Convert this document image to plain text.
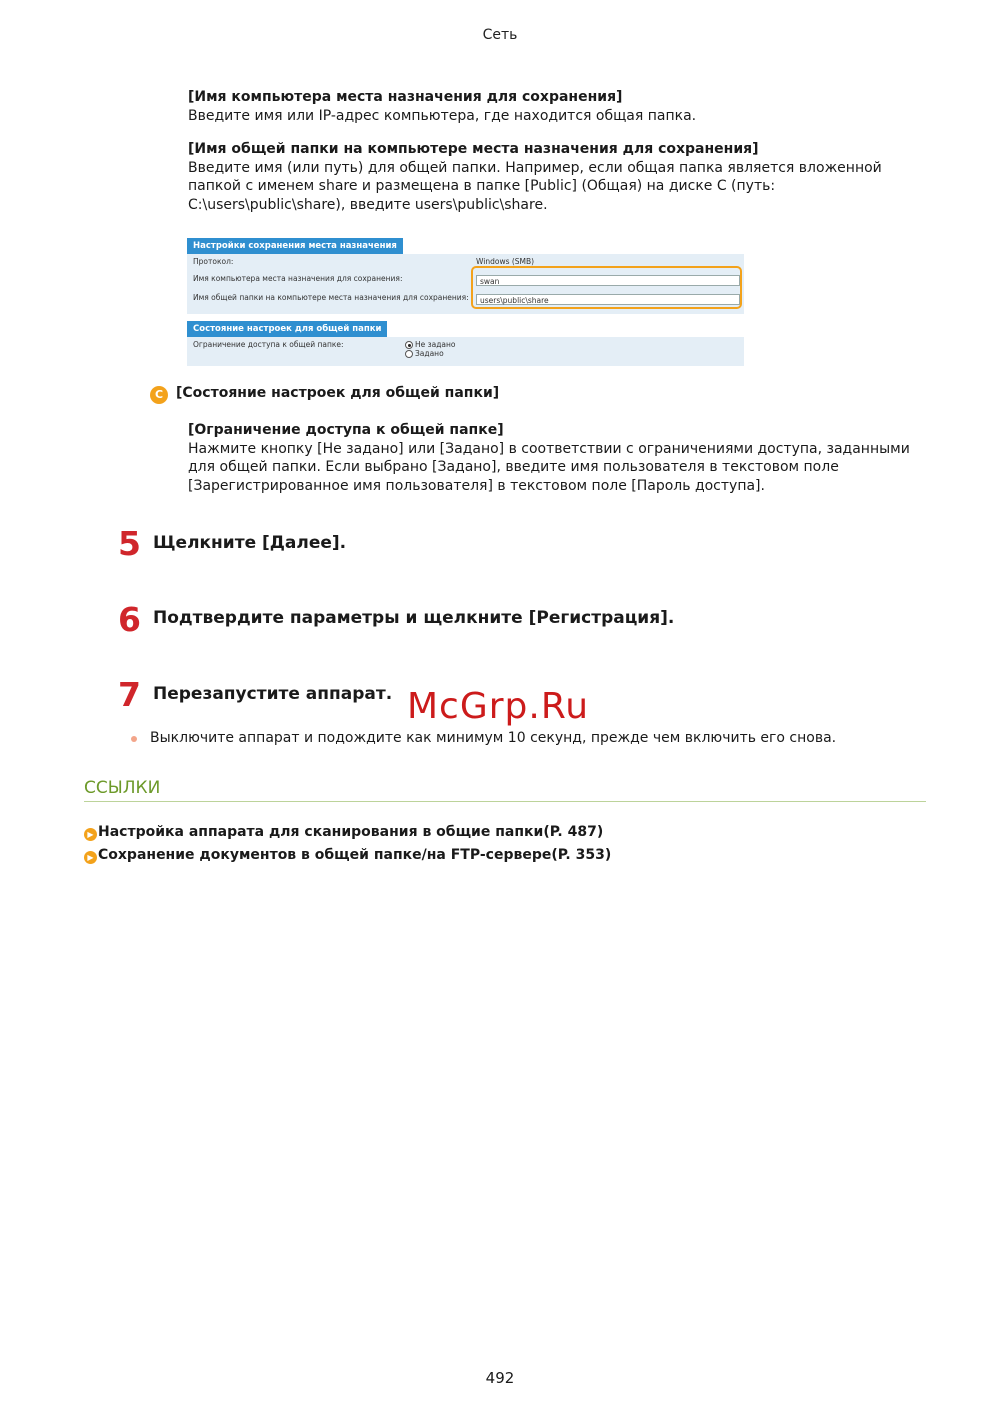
Сеть
[Имя компьютера места назначения для сохранения]
Введите имя или IP-адрес компьютера, где находится общая папка.
[Имя общей папки на компьютере места назначения для сохранения]
Введите имя (или путь) для общей папки. Например, если общая папка является вложенной папкой с именем share и размещена в папке [Public] (Общая) на диске C (путь: C:\users\public\share), введите users\public\share.
Настройки сохранения места назначения
Протокол:	Windows (SMB)
Имя компьютера места назначения для сохранения:	swan
Имя общей папки на компьютере места назначения для сохранения:	users\public\share
Состояние настроек для общей папки
Ограничение доступа к общей папке:	Не задано
Задано
C [Состояние настроек для общей папки]
[Ограничение доступа к общей папке]
Нажмите кнопку [Не задано] или [Задано] в соответствии с ограничениями доступа, заданными для общей папки. Если выбрано [Задано], введите имя пользователя в текстовом поле [Зарегистрированное имя пользователя] в текстовом поле [Пароль доступа].
5 Щелкните [Далее].
6 Подтвердите параметры и щелкните [Регистрация].
7 Перезапустите аппарат. McGrp.Ru
Выключите аппарат и подождите как минимум 10 секунд, прежде чем включить его снова.
ССЫЛКИ
▶ Настройка аппарата для сканирования в общие папки(P. 487)
▶ Сохранение документов в общей папке/на FTP-сервере(P. 353)
492
